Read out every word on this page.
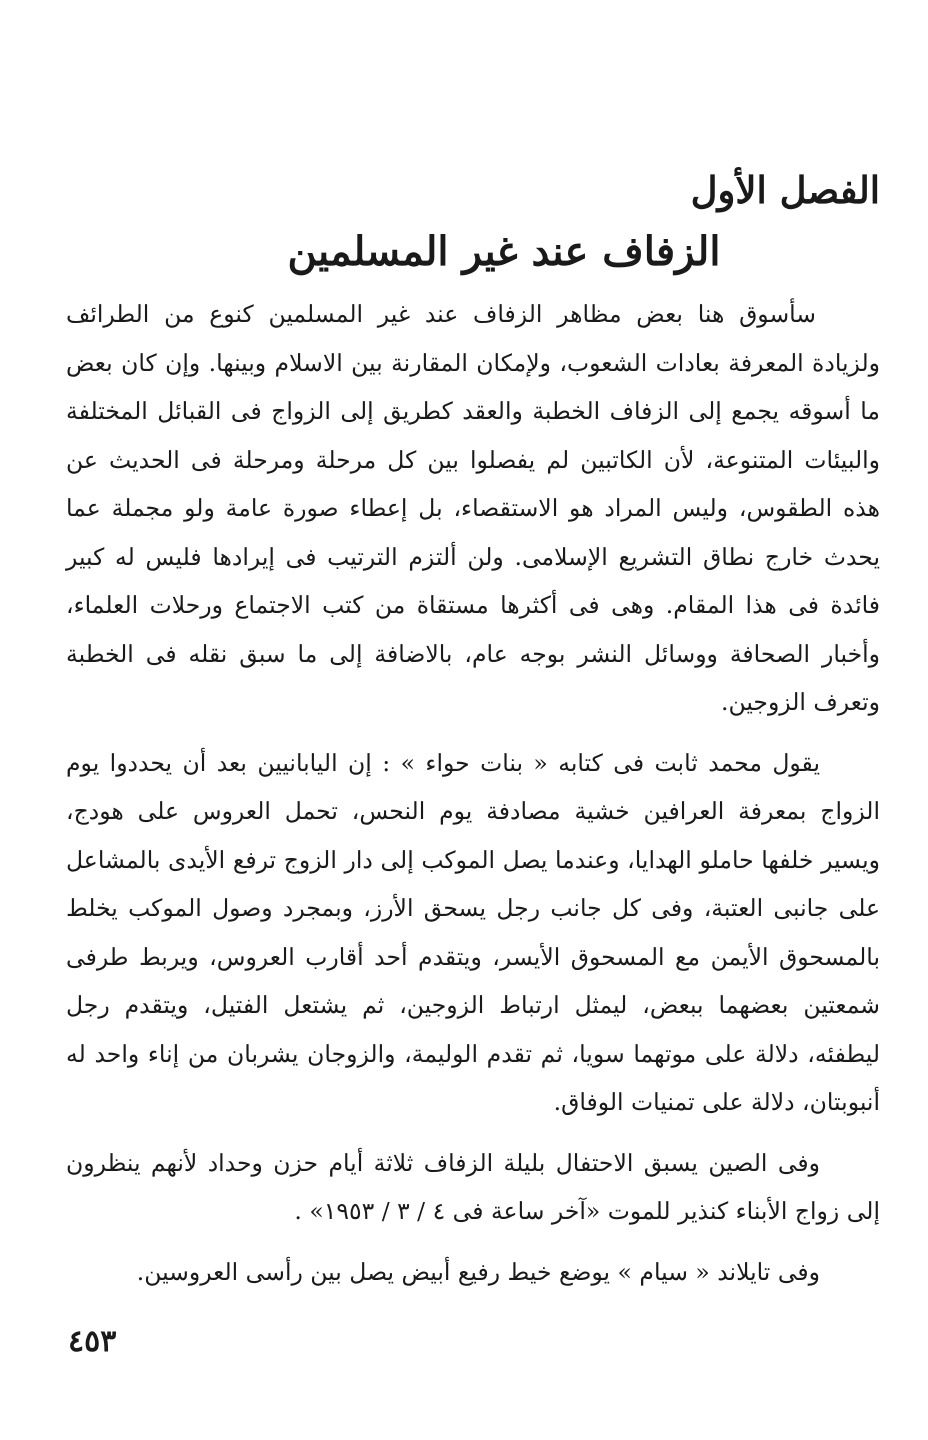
الفصل الأول
الزفاف عند غير المسلمين

سأسوق هنا بعض مظاهر الزفاف عند غير المسلمين كنوع من الطرائف ولزيادة المعرفة بعادات الشعوب، ولإمكان المقارنة بين الاسلام وبينها. وإن كان بعض ما أسوقه يجمع إلى الزفاف الخطبة والعقد كطريق إلى الزواج فى القبائل المختلفة والبيئات المتنوعة، لأن الكاتبين لم يفصلوا بين كل مرحلة ومرحلة فى الحديث عن هذه الطقوس، وليس المراد هو الاستقصاء، بل إعطاء صورة عامة ولو مجملة عما يحدث خارج نطاق التشريع الإسلامى. ولن ألتزم الترتيب فى إيرادها فليس له كبير فائدة فى هذا المقام. وهى فى أكثرها مستقاة من كتب الاجتماع ورحلات العلماء، وأخبار الصحافة ووسائل النشر بوجه عام، بالاضافة إلى ما سبق نقله فى الخطبة وتعرف الزوجين.

يقول محمد ثابت فى كتابه « بنات حواء » : إن اليابانيين بعد أن يحددوا يوم الزواج بمعرفة العرافين خشية مصادفة يوم النحس، تحمل العروس على هودج، ويسير خلفها حاملو الهدايا، وعندما يصل الموكب إلى دار الزوج ترفع الأيدى بالمشاعل على جانبى العتبة، وفى كل جانب رجل يسحق الأرز، وبمجرد وصول الموكب يخلط بالمسحوق الأيمن مع المسحوق الأيسر، ويتقدم أحد أقارب العروس، ويربط طرفى شمعتين بعضهما ببعض، ليمثل ارتباط الزوجين، ثم يشتعل الفتيل، ويتقدم رجل ليطفئه، دلالة على موتهما سويا، ثم تقدم الوليمة، والزوجان يشربان من إناء واحد له أنبوبتان، دلالة على تمنيات الوفاق.

وفى الصين يسبق الاحتفال بليلة الزفاف ثلاثة أيام حزن وحداد لأنهم ينظرون إلى زواج الأبناء كنذير للموت «آخر ساعة فى ٤ / ٣ / ١٩٥٣» .

وفى تايلاند « سيام » يوضع خيط رفيع أبيض يصل بين رأسى العروسين.

٤٥٣
